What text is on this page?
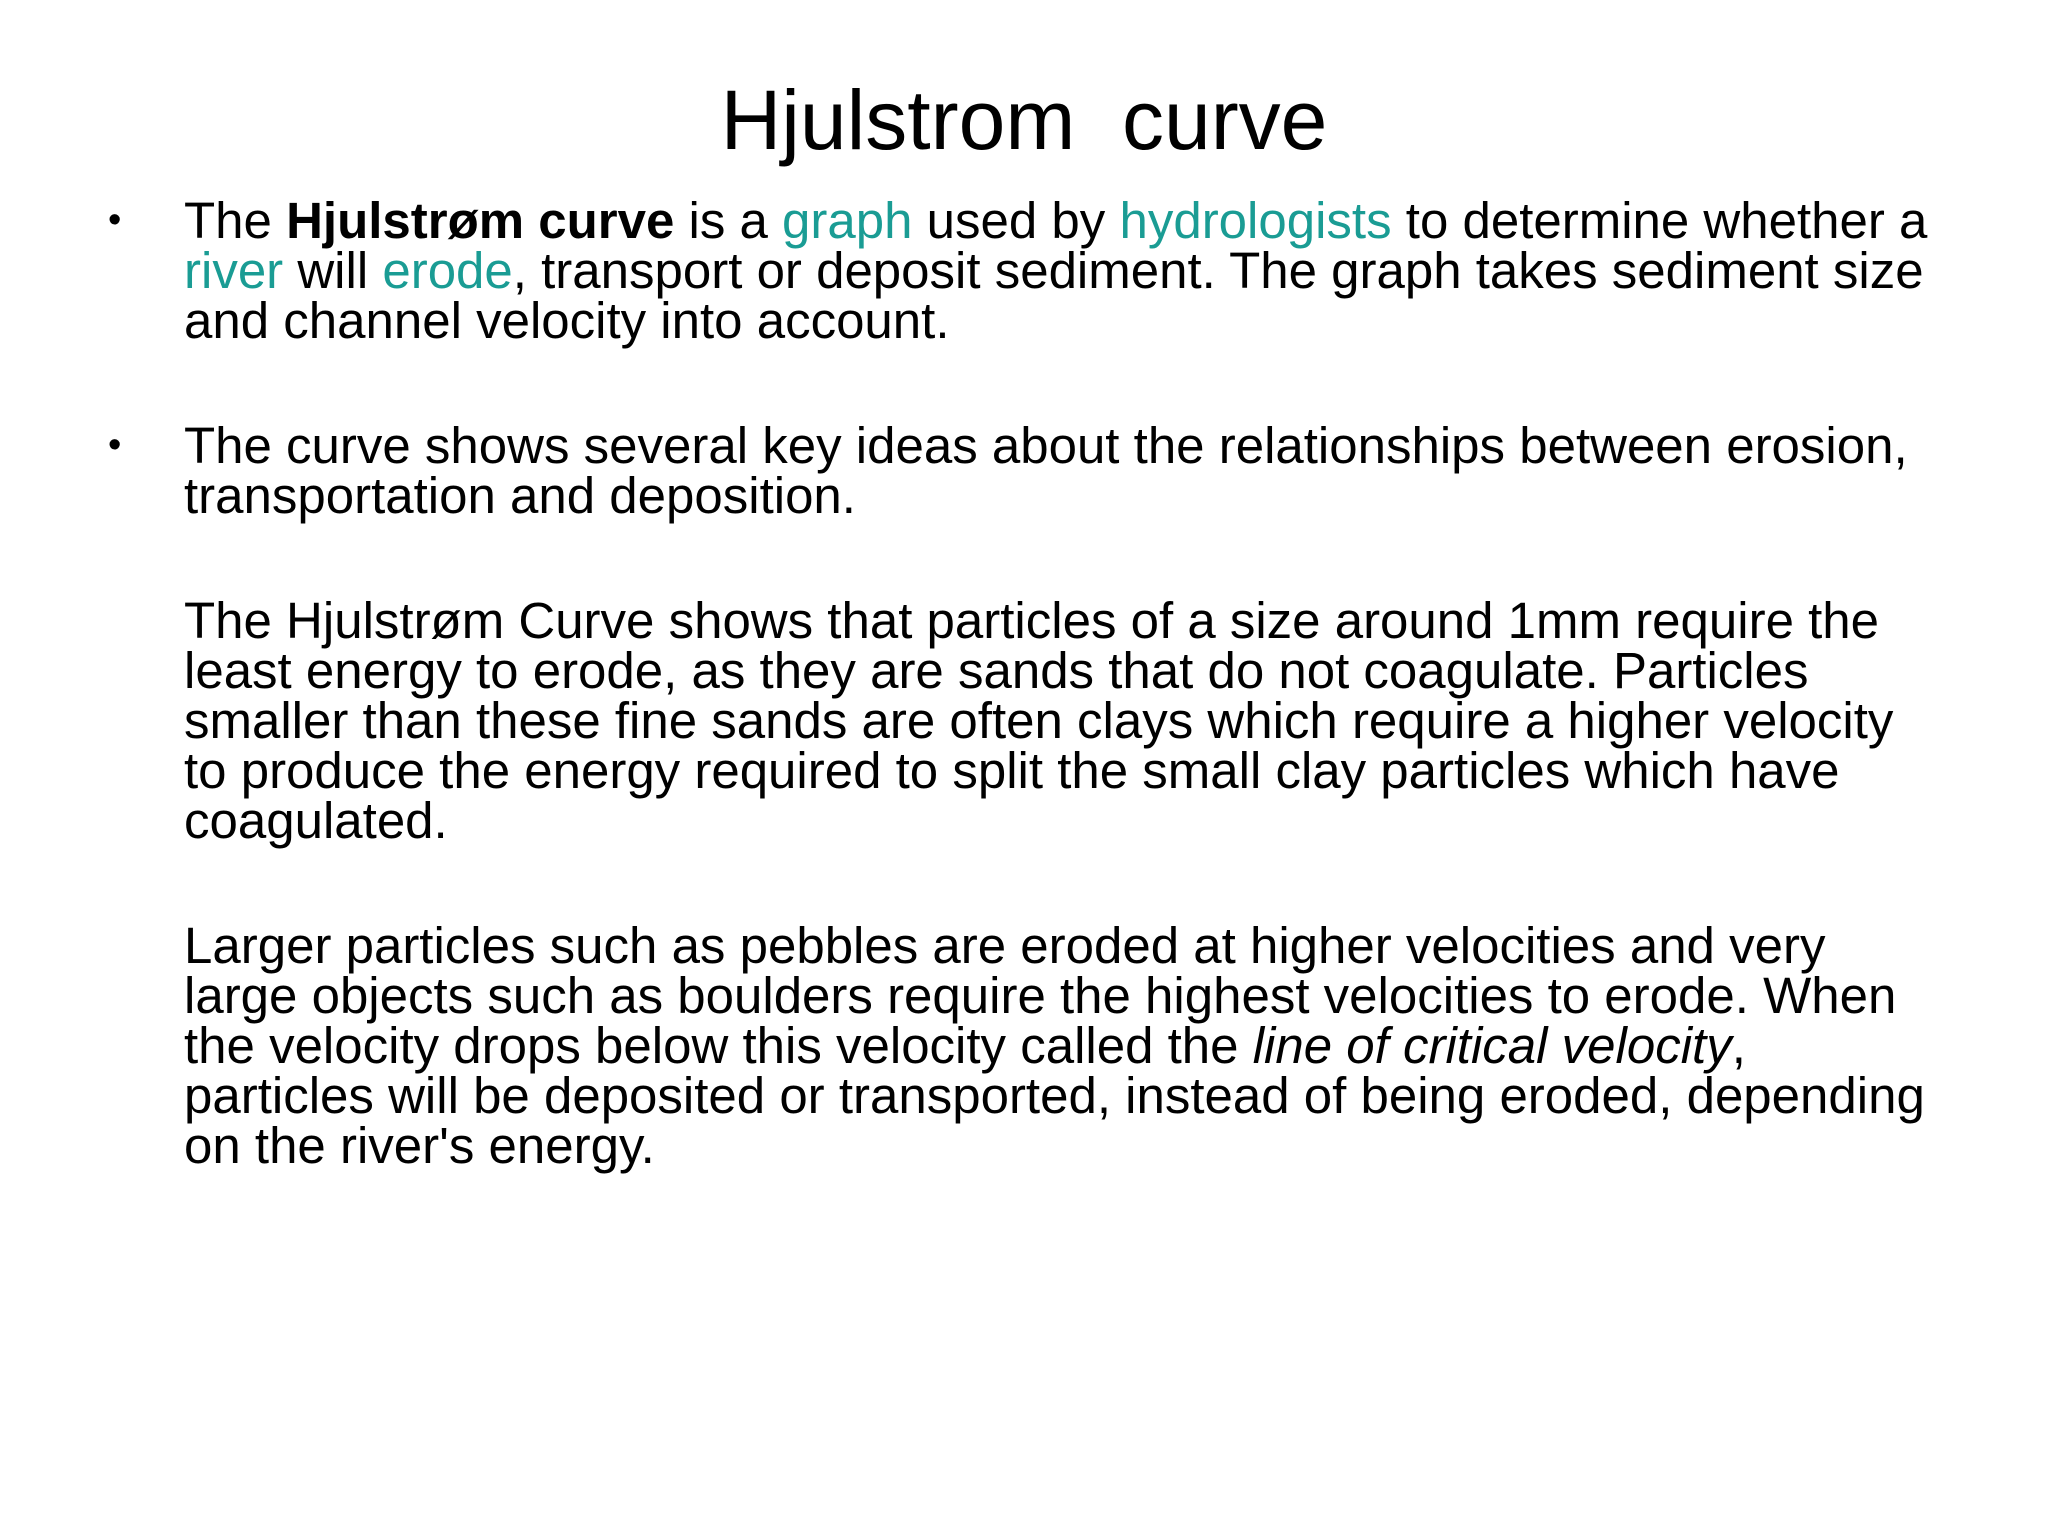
Hjulstrom  curve
• The Hjulstrøm curve is a graph used by hydrologists to determine whether a river will erode, transport or deposit sediment. The graph takes sediment size and channel velocity into account.

• The curve shows several key ideas about the relationships between erosion, transportation and deposition.

The Hjulstrøm Curve shows that particles of a size around 1mm require the least energy to erode, as they are sands that do not coagulate. Particles smaller than these fine sands are often clays which require a higher velocity to produce the energy required to split the small clay particles which have coagulated.

Larger particles such as pebbles are eroded at higher velocities and very large objects such as boulders require the highest velocities to erode. When the velocity drops below this velocity called the line of critical velocity, particles will be deposited or transported, instead of being eroded, depending on the river's energy.
